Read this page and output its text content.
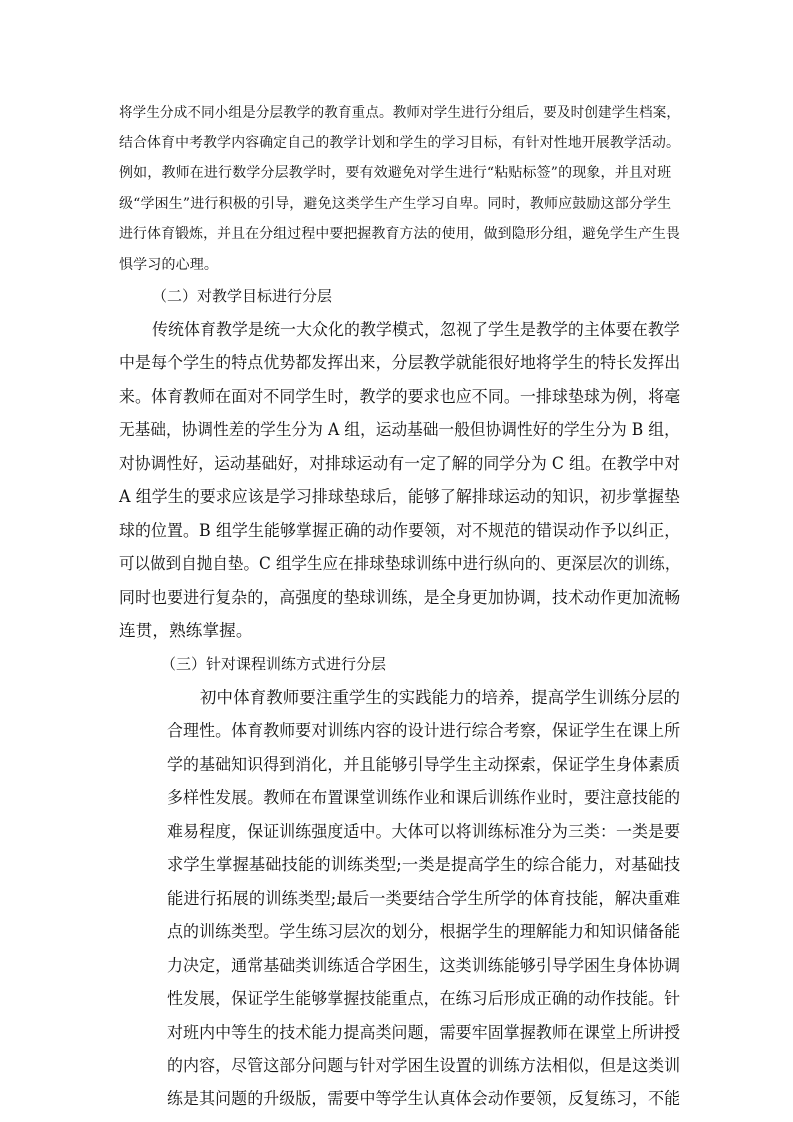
将学生分成不同小组是分层教学的教育重点。教师对学生进行分组后，要及时创建学生档案，
结合体育中考教学内容确定自己的教学计划和学生的学习目标，有针对性地开展教学活动。
例如，教师在进行数学分层教学时，要有效避免对学生进行“粘贴标签”的现象，并且对班
级“学困生”进行积极的引导，避免这类学生产生学习自卑。同时，教师应鼓励这部分学生
进行体育锻炼，并且在分组过程中要把握教育方法的使用，做到隐形分组，避免学生产生畏
惧学习的心理。
（二）对教学目标进行分层
传统体育教学是统一大众化的教学模式，忽视了学生是教学的主体要在教学
中是每个学生的特点优势都发挥出来，分层教学就能很好地将学生的特长发挥出
来。体育教师在面对不同学生时，教学的要求也应不同。一排球垫球为例，将毫
无基础，协调性差的学生分为 A 组，运动基础一般但协调性好的学生分为 B 组，
对协调性好，运动基础好，对排球运动有一定了解的同学分为 C 组。在教学中对
A 组学生的要求应该是学习排球垫球后，能够了解排球运动的知识，初步掌握垫
球的位置。B 组学生能够掌握正确的动作要领，对不规范的错误动作予以纠正，
可以做到自抛自垫。C 组学生应在排球垫球训练中进行纵向的、更深层次的训练，
同时也要进行复杂的，高强度的垫球训练，是全身更加协调，技术动作更加流畅
连贯，熟练掌握。
（三）针对课程训练方式进行分层
初中体育教师要注重学生的实践能力的培养，提高学生训练分层的
合理性。体育教师要对训练内容的设计进行综合考察，保证学生在课上所
学的基础知识得到消化，并且能够引导学生主动探索，保证学生身体素质
多样性发展。教师在布置课堂训练作业和课后训练作业时，要注意技能的
难易程度，保证训练强度适中。大体可以将训练标准分为三类：一类是要
求学生掌握基础技能的训练类型;一类是提高学生的综合能力，对基础技
能进行拓展的训练类型;最后一类要结合学生所学的体育技能，解决重难
点的训练类型。学生练习层次的划分，根据学生的理解能力和知识储备能
力决定，通常基础类训练适合学困生，这类训练能够引导学困生身体协调
性发展，保证学生能够掌握技能重点，在练习后形成正确的动作技能。针
对班内中等生的技术能力提高类问题，需要牢固掌握教师在课堂上所讲授
的内容，尽管这部分问题与针对学困生设置的训练方法相似，但是这类训
练是其问题的升级版，需要中等学生认真体会动作要领，反复练习，不能
